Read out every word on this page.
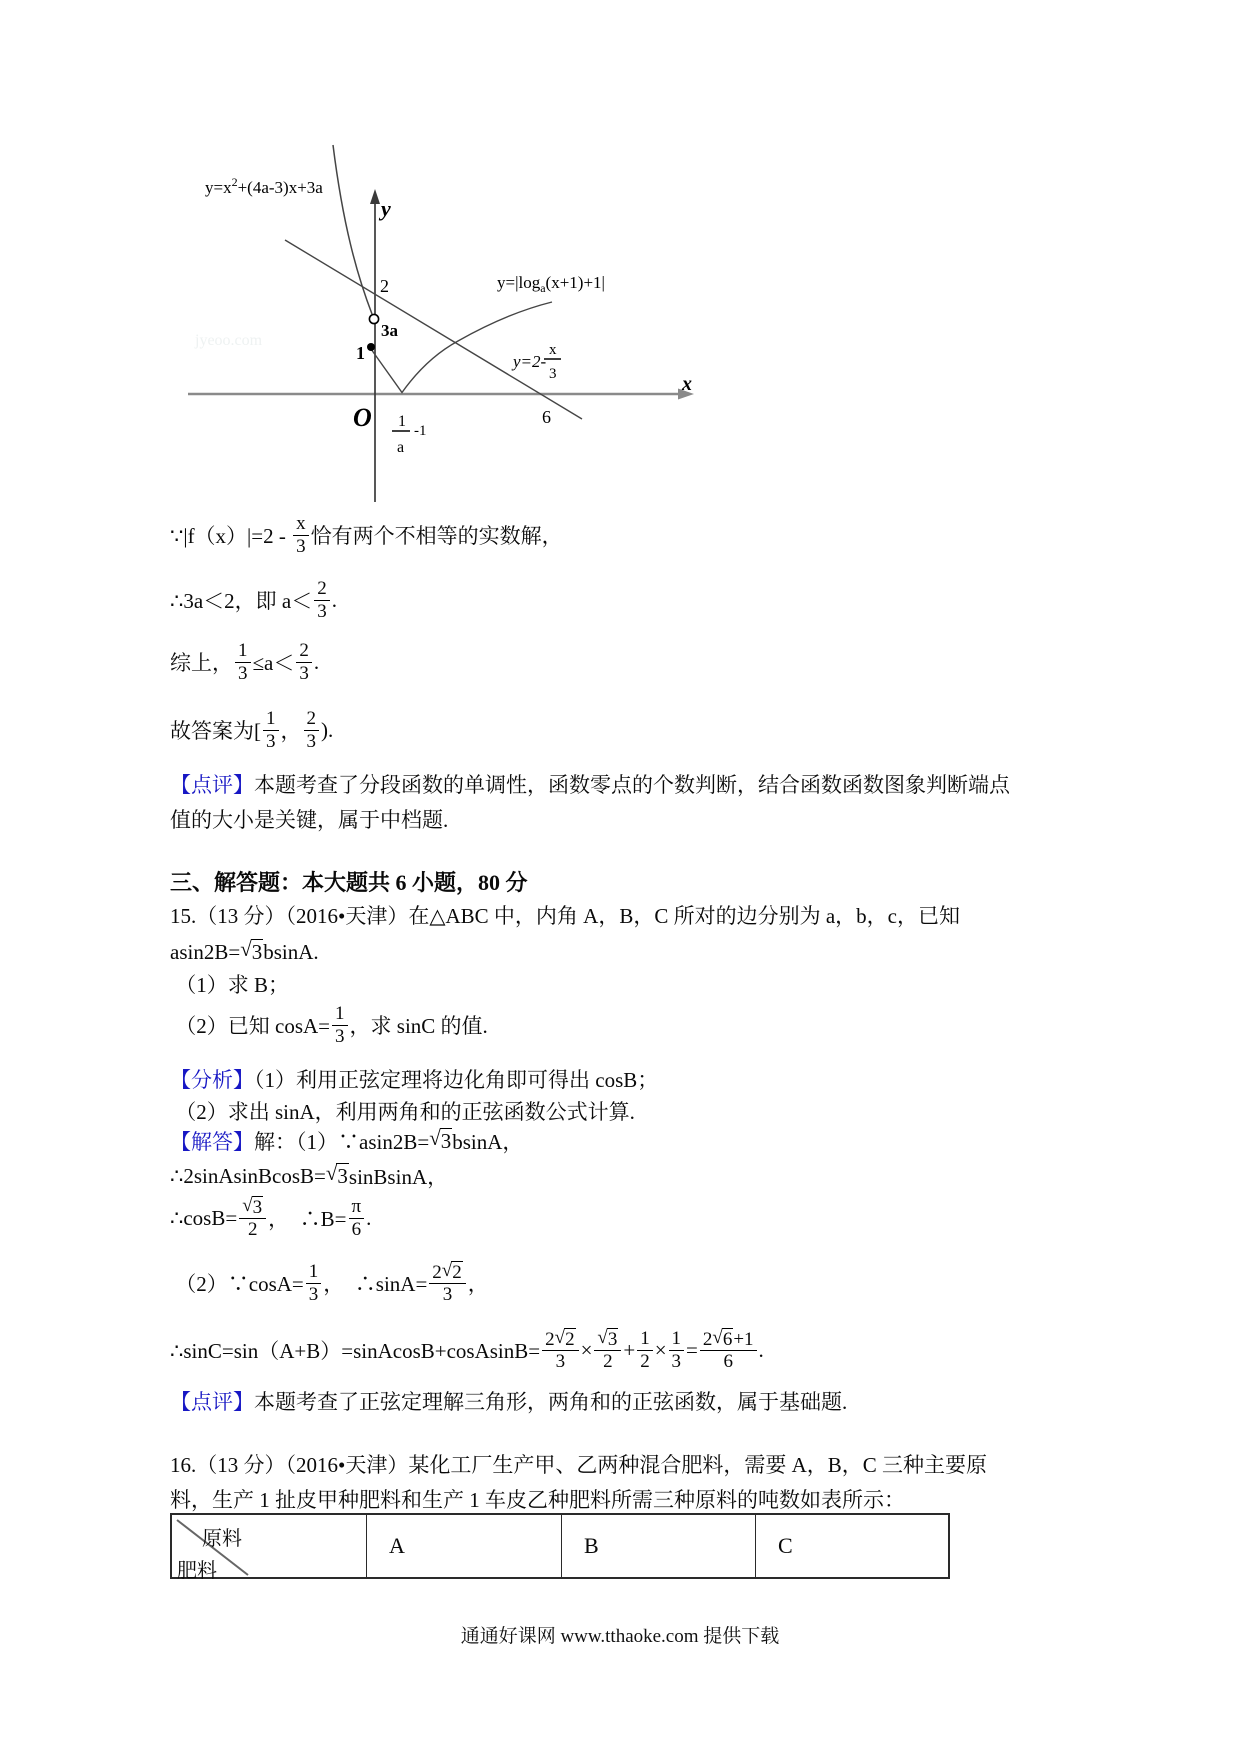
jyeoo.com
y
x
O
2
3a
1
6
$y=x^2+(4a-3)x+3a$
$y=|\log_a(x+1)+1|$
y=2-
x
3
1
a
-1
∵|f（x）|=2 - $\frac{x}{3}$ 恰有两个不相等的实数解，
∴3a＜2，即 $a< \frac{2}{3}$ .
综上， $\frac{1}{3} \le a< \frac{2}{3}$ .
故答案为[ $\frac{1}{3}$ ， $\frac{2}{3}$ ).
【点评】本题考查了分段函数的单调性，函数零点的个数判断，结合函数函数图象判断端点
值的大小是关键，属于中档题.
三、解答题：本大题共 6 小题，80 分
15.（13 分）（2016•天津）在△ABC 中，内角 A，B，C 所对的边分别为 a，b，c，已知
asin2B= √ 3 bsinA.
（1）求 B；
（2）已知 $\cos A= \frac{1}{3}$ ，求 sinC 的值.
【分析】（1）利用正弦定理将边化角即可得出 cosB；
（2）求出 sinA，利用两角和的正弦函数公式计算.
【解答】 解：（1）∵asin2B= √ 3 bsinA，
∴2sinAsinBcosB= √ 3 sinBsinA，
∴cosB= $\frac{√ 3}{2}$ ，  ∴B= $\frac{\pi}{6}$ .
（2）∵cosA= $\frac{1}{3}$ ，  ∴sinA= $\frac{2 √ 2}{3}$ ，
∴sinC=sin（A+B）=sinAcosB+cosAsinB= $\frac{2 √ 2}{3} \times \frac{√ 3}{2} + \frac{1}{2} \times \frac{1}{3} = \frac{2 √ 6 +1}{6}$ .
【点评】本题考查了正弦定理解三角形，两角和的正弦函数，属于基础题.
16.（13 分）（2016•天津）某化工厂生产甲、乙两种混合肥料，需要 A，B，C 三种主要原
料，生产 1 扯皮甲种肥料和生产 1 车皮乙种肥料所需三种原料的吨数如表所示：
原料
肥料
A	B	C
通通好课网 www.tthaoke.com 提供下载
